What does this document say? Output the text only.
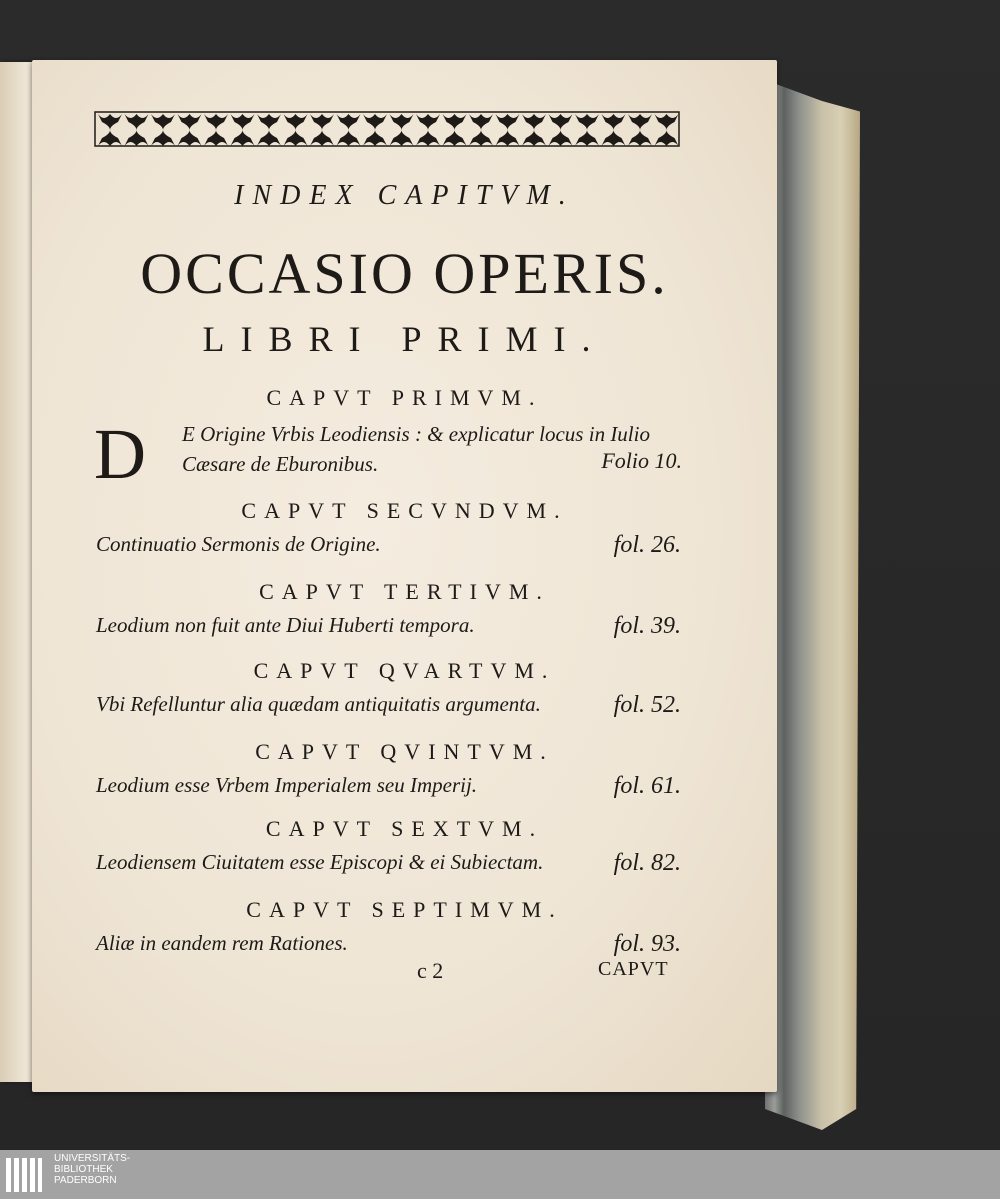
INDEX CAPITVM.
OCCASIO OPERIS.
LIBRI PRIMI.
CAPVT PRIMVM.
D E Origine Vrbis Leodiensis : & explicatur locus in Iulio
Cæsare de Eburonibus.	Folio 10.
CAPVT SECVNDVM.
Continuatio Sermonis de Origine.	fol. 26.
CAPVT TERTIVM.
Leodium non fuit ante Diui Huberti tempora.	fol. 39.
CAPVT QVARTVM.
Vbi Refelluntur alia quædam antiquitatis argumenta.	fol. 52.
CAPVT QVINTVM.
Leodium esse Vrbem Imperialem seu Imperij.	fol. 61.
CAPVT SEXTVM.
Leodiensem Ciuitatem esse Episcopi & ei Subiectam.	fol. 82.
CAPVT SEPTIMVM.
Aliæ in eandem rem Rationes.	fol. 93.
c 2	CAPVT
UNIVERSITÄTS-
BIBLIOTHEK
PADERBORN
